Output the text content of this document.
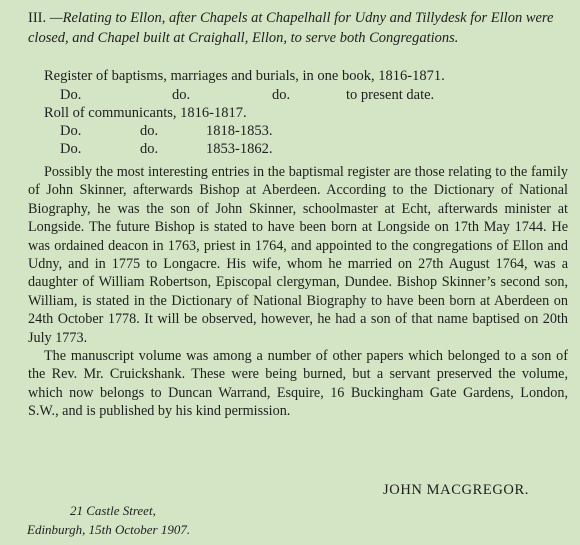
III. —Relating to Ellon, after Chapels at Chapelhall for Udny and Tillydesk for Ellon were closed, and Chapel built at Craighall, Ellon, to serve both Congregations.
Register of baptisms, marriages and burials, in one book, 1816-1871.
Do.	do.	do.	to present date.
Roll of communicants, 1816-1817.
Do.	do.	1818-1853.
Do.	do.	1853-1862.

Possibly the most interesting entries in the baptismal register are those relating to the family of John Skinner, afterwards Bishop at Aberdeen. According to the Dictionary of National Biography, he was the son of John Skinner, schoolmaster at Echt, afterwards minister at Longside. The future Bishop is stated to have been born at Longside on 17th May 1744. He was ordained deacon in 1763, priest in 1764, and appointed to the congregations of Ellon and Udny, and in 1775 to Longacre. His wife, whom he married on 27th August 1764, was a daughter of William Robertson, Episcopal clergyman, Dundee. Bishop Skinner’s second son, William, is stated in the Dictionary of National Biography to have been born at Aberdeen on 24th October 1778. It will be observed, however, he had a son of that name baptised on 20th July 1773.

The manuscript volume was among a number of other papers which belonged to a son of the Rev. Mr. Cruickshank. These were being burned, but a servant preserved the volume, which now belongs to Duncan Warrand, Esquire, 16 Buckingham Gate Gardens, London, S.W., and is published by his kind permission.

JOHN MACGREGOR.
21 Castle Street,
Edinburgh, 15th October 1907.
